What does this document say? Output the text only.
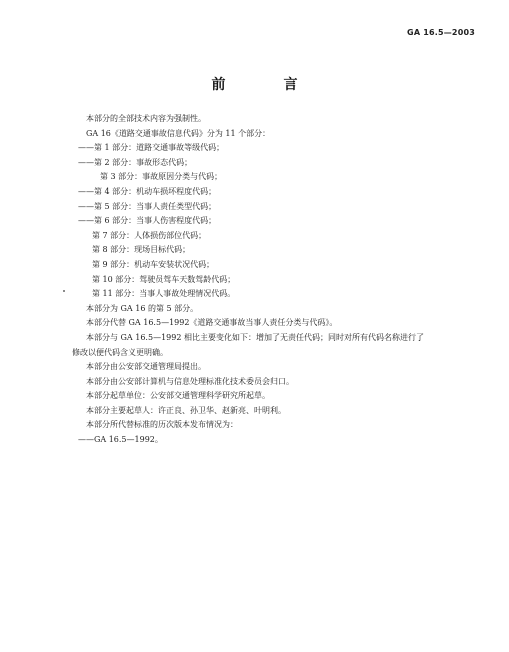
GA 16.5—2003
前　言

本部分的全部技术内容为强制性。

GA 16《道路交通事故信息代码》分为 11 个部分：

——第 1 部分：道路交通事故等级代码；

——第 2 部分：事故形态代码；

第 3 部分：事故原因分类与代码；

——第 4 部分：机动车损坏程度代码；

——第 5 部分：当事人责任类型代码；

——第 6 部分：当事人伤害程度代码；

第 7 部分：人体损伤部位代码；

第 8 部分：现场目标代码；

第 9 部分：机动车安装状况代码；

第 10 部分：驾驶员驾车天数驾龄代码；

第 11 部分：当事人事故处理情况代码。

本部分为 GA 16 的第 5 部分。

本部分代替 GA 16.5—1992《道路交通事故当事人责任分类与代码》。

本部分与 GA 16.5—1992 相比主要变化如下：增加了无责任代码；同时对所有代码名称进行了

修改以便代码含义更明确。

本部分由公安部交通管理局提出。

本部分由公安部计算机与信息处理标准化技术委员会归口。

本部分起草单位：公安部交通管理科学研究所起草。

本部分主要起草人：许正良、孙卫华、赵新亮、叶明利。

本部分所代替标准的历次版本发布情况为：

——GA 16.5—1992。
